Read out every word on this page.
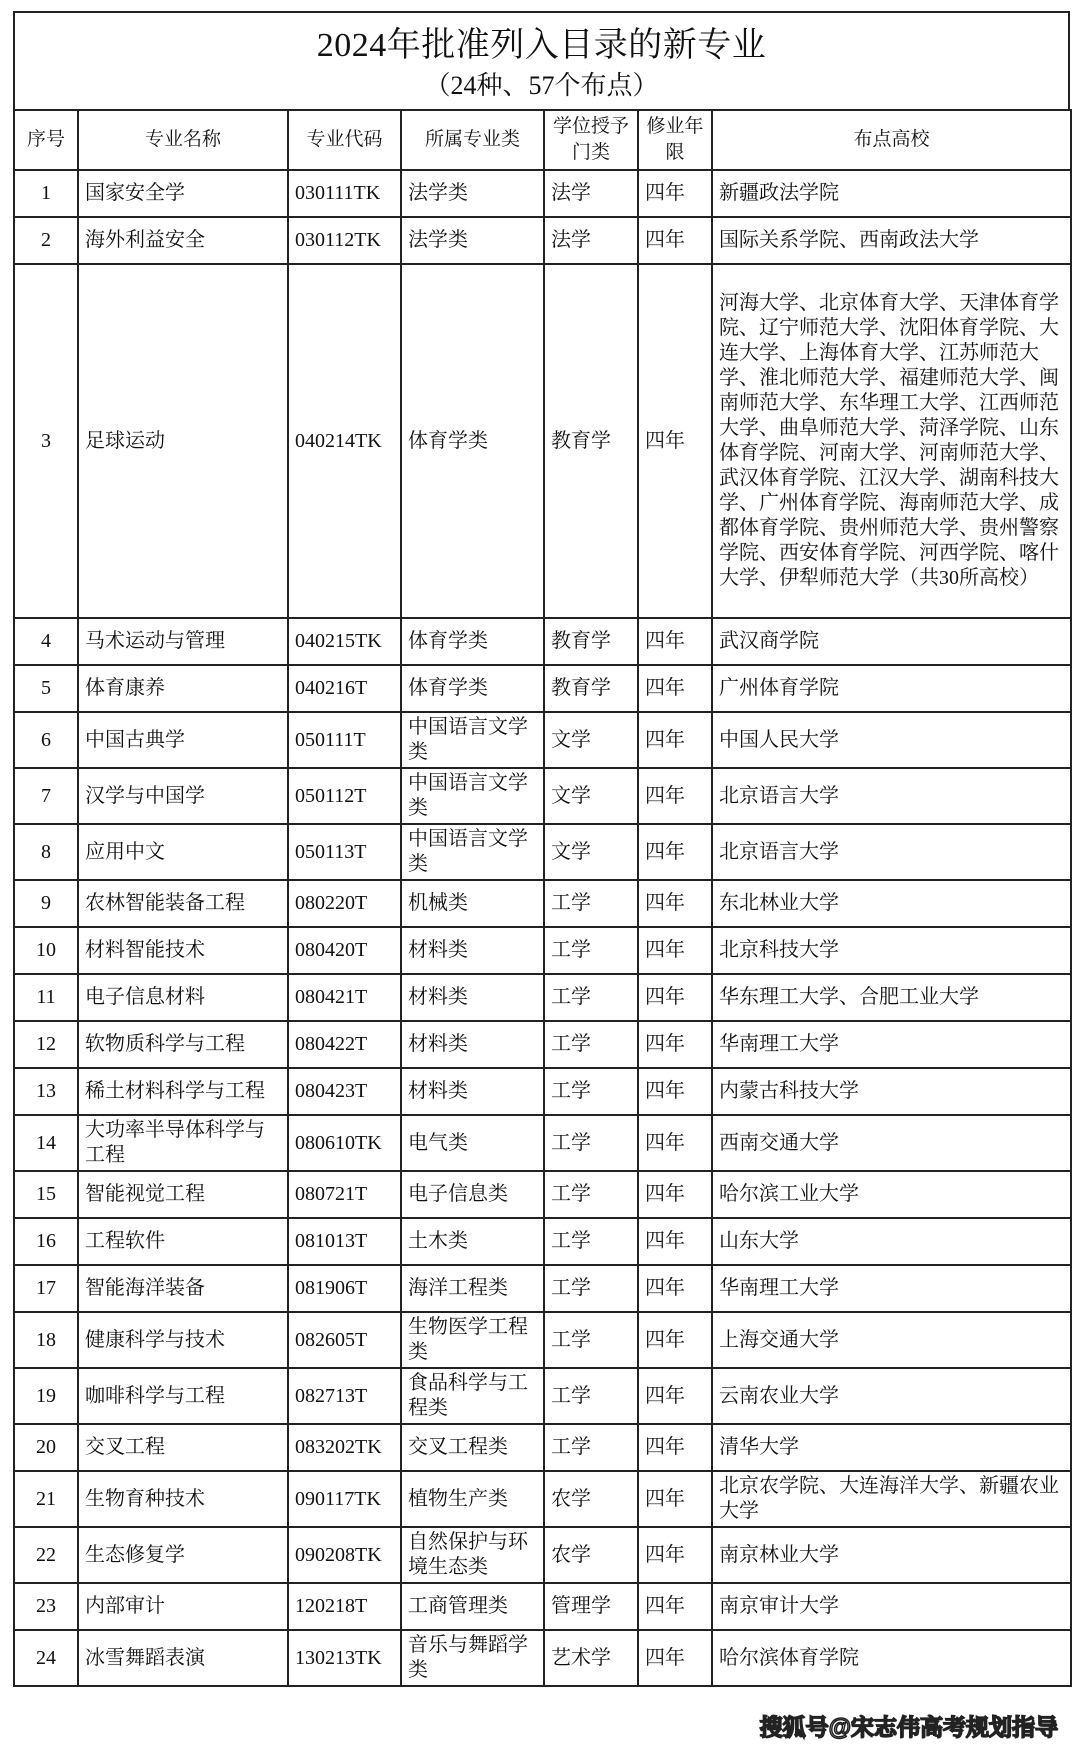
2024年批准列入目录的新专业
（24种、57个布点）
序号	专业名称	专业代码	所属专业类	学位授予门类	修业年限	布点高校
1	国家安全学	030111TK	法学类	法学	四年	新疆政法学院
2	海外利益安全	030112TK	法学类	法学	四年	国际关系学院、西南政法大学
3	足球运动	040214TK	体育学类	教育学	四年	河海大学、北京体育大学、天津体育学院、辽宁师范大学、沈阳体育学院、大连大学、上海体育大学、江苏师范大学、淮北师范大学、福建师范大学、闽南师范大学、东华理工大学、江西师范大学、曲阜师范大学、菏泽学院、山东体育学院、河南大学、河南师范大学、武汉体育学院、江汉大学、湖南科技大学、广州体育学院、海南师范大学、成都体育学院、贵州师范大学、贵州警察学院、西安体育学院、河西学院、喀什大学、伊犁师范大学（共30所高校）
4	马术运动与管理	040215TK	体育学类	教育学	四年	武汉商学院
5	体育康养	040216T	体育学类	教育学	四年	广州体育学院
6	中国古典学	050111T	中国语言文学类	文学	四年	中国人民大学
7	汉学与中国学	050112T	中国语言文学类	文学	四年	北京语言大学
8	应用中文	050113T	中国语言文学类	文学	四年	北京语言大学
9	农林智能装备工程	080220T	机械类	工学	四年	东北林业大学
10	材料智能技术	080420T	材料类	工学	四年	北京科技大学
11	电子信息材料	080421T	材料类	工学	四年	华东理工大学、合肥工业大学
12	软物质科学与工程	080422T	材料类	工学	四年	华南理工大学
13	稀土材料科学与工程	080423T	材料类	工学	四年	内蒙古科技大学
14	大功率半导体科学与工程	080610TK	电气类	工学	四年	西南交通大学
15	智能视觉工程	080721T	电子信息类	工学	四年	哈尔滨工业大学
16	工程软件	081013T	土木类	工学	四年	山东大学
17	智能海洋装备	081906T	海洋工程类	工学	四年	华南理工大学
18	健康科学与技术	082605T	生物医学工程类	工学	四年	上海交通大学
19	咖啡科学与工程	082713T	食品科学与工程类	工学	四年	云南农业大学
20	交叉工程	083202TK	交叉工程类	工学	四年	清华大学
21	生物育种技术	090117TK	植物生产类	农学	四年	北京农学院、大连海洋大学、新疆农业大学
22	生态修复学	090208TK	自然保护与环境生态类	农学	四年	南京林业大学
23	内部审计	120218T	工商管理类	管理学	四年	南京审计大学
24	冰雪舞蹈表演	130213TK	音乐与舞蹈学类	艺术学	四年	哈尔滨体育学院
搜狐号@宋志伟高考规划指导
